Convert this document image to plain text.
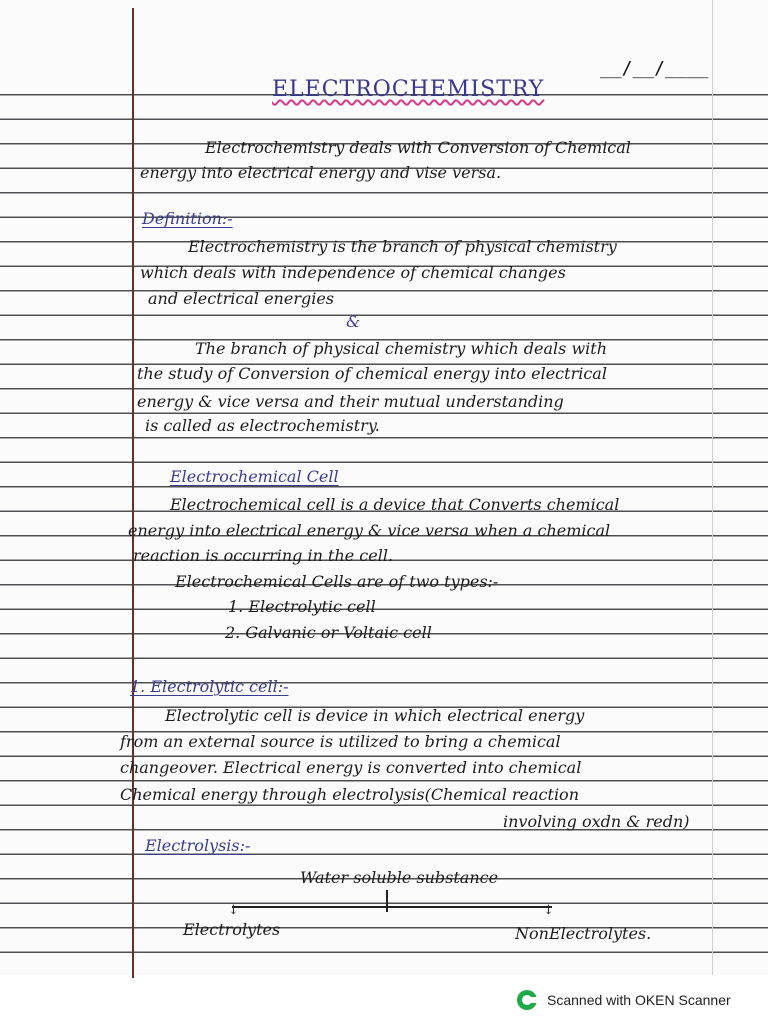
__/__/____
ELECTROCHEMISTRY
Electrochemistry deals with Conversion of Chemical
energy into electrical energy and vise versa.
Definition:-
Electrochemistry is the branch of physical chemistry
which deals with independence of chemical changes
and electrical energies
&
The branch of physical chemistry which deals with
the study of Conversion of chemical energy into electrical
energy & vice versa and their mutual understanding
is called as electrochemistry.
Electrochemical Cell
Electrochemical cell is a device that Converts chemical
energy into electrical energy & vice versa when a chemical
reaction is occurring in the cell.
Electrochemical Cells are of two types:-
1. Electrolytic cell
2. Galvanic or Voltaic cell
1. Electrolytic cell:-
Electrolytic cell is device in which electrical energy
from an external source is utilized to bring a chemical
changeover. Electrical energy is converted into chemical
Chemical energy through electrolysis(Chemical reaction
involving oxdn & redn)
Electrolysis:-
Water soluble substance
↓	↓
Electrolytes	NonElectrolytes.
Scanned with OKEN Scanner
